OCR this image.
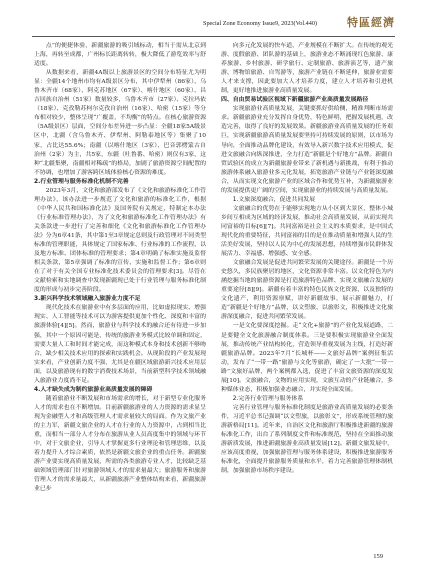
Special Zone Economy Issue9, 2023(Vol.440)	特區經濟

点”的便捷体验，新疆旅游的吸引域标动，相当于需从北京到上海，再转至成都，广州标长距离转转，极大降低了游览效率与舒适度。

从数据来看，新疆4A级以上旅游景区的空间分布特征尤为明显：全疆14个地州市均有A级景区分布，其中伊犁州（86家）、乌鲁木齐市（68家）、阿克苏地区（67家）、喀什地区（60家）、昌吉回族自治州（51家）数量较多，乌鲁木齐市（27家）、克拉玛依（18家）、克孜勒苏柯尔克孜自治州（16家）、哈密（15家）等分布相对较少，整体呈现“广覆盖，不均衡”的特点。在核心旅游资源（5A级景区）层面，空间分布差异进一步凸显：全疆18家5A级景区中，北疆（含乌鲁木齐、伊犁州、阿勒泰地区等）集聚了10家，占比达55.6%；南疆（以喀什地区（3家）、巴音郭楞蒙古自治州（2家）为主，共5家，东疆（吐鲁番、哈密）则仅有3家，这种“北疆集聚，南疆相对稀疏”的格局，加剧了旅游资源空间配置的不协调，也增加了游客跨区域体验核心资源的难度。

2.行业管理与服务标准化机制不完善

2023年3月，文化和旅游部发布了《文化和旅游标准化工作管理办法》，该办法进一步规范了文化和旅游的标准化工作，根据《中华人民共和国标准化法》及国务院有关规定，特制定本办法《行业标准管理办法》，为了文化和旅游标准化工作管理办法》有关条款进一步进行了完善和细化《文化和旅游标准化工作管理办法》分为6章41条，其中第1至3章规定总则及行政管理对不同类型标准的管理职能，具体规定了国家标准、行业标准的工作流程、以及地方标准、团体标准的管理要求；第4章明确了标准实施及监督相关条款，第5章强调了标准的宣传、实施和监督工作；第6章则在了对于有关全国专业标准化技术委员会的管理要求[3]。尽管在文献检索和实地调查中发现新疆现已处于行业管理与服务标准化制度的形成与初步完善阶段。

3.新兴科学技术领域融入旅游业力度不足

现代化技术在旅游业中有多层面的应用，比如虚拟现实、增强现实、人工智能等技术可以为游客提供更加个性化、深度和丰富的旅游体验[4][5]。然而，旅游业与科学技术的融合还有待进一步加强，其中一个原因可能是，传统的旅游业务模式比较单调和固定，需要大量人工和时间才能完成，而这种模式本身和技术创新不够吻合，缺少相关技术应用的探索和实践机会。从现阶段的产业发展现实来看，产业创新力度不强，尤其是在疆区域旅游新兴技术应用层面，以及旅游现有的数字消费技术场景，当前新型科学技术领域融入旅游业力度尚不足。

4.人才缺失成为制约旅游业高质量发展的障碍

随着旅游业不断发展和市场需求的增长，对于新型专业化服务人才的需求也在不断增加。目前新疆旅游业的人力资源的需求显呈现为金融型人才和高级管理人才需求量较大的局面。作为文旅产业的主力军，新疆文旅企业的人才在行业的人力资源中，占到相当比重，而相当一部分人才分布在旅游从业人员高度集中的领域与环节中，对于文旅企业，引导人才掌握更多行业理论和管理思维，以及着力提升人才综合素质，依然是新疆文旅企业的重点任务。新疆旅游产业要实现高质量发展，所需的各类旅游专业人才，比较缺乏基础领域管理部门针对旅游领域人才的需求量最大；旅游服务和旅游管理人才的需求量最大，从新疆旅游产业整体结构来看，新疆旅游业已步

向多元化发展的快车道，产业规模在不断扩大。在传统的观光游、度假旅游、团队游的基础上，旅游业态不断涌现红色旅游、康养旅游、乡村旅游、研学旅行、定制旅游、旅游演艺等，遗产旅游、博物馆旅游、自驾游等，旅游产业链在不断延伸，旅游业需要人才来支撑，因此要加大人才培养力度，建立人才培养和引进机制，更好地推进旅游业高质量发展。

四、自由贸易试验区视域下新疆旅游产业高质量发展路径

实现旅游业高质量发展，关键要抓好供给侧，精准判断市场需求。新疆旅游业充分发挥自身优势，特色鲜明，把握发展机遇，改造完善，取得了良好的发展效果。新疆旅游业高质量发展的任务艰巨，实现新疆旅游高质量发展要坚持可持续发展的原则，以市场为导向，全面推动品牌化建设，有效导入新兴数字技术应用模式，促进文旅融合向纵深推进，全力打造“新疆是个好地方”品牌。新疆自贸试验区的成立为新疆旅游业带来了新机遇与新挑战，有利于推动旅游体系融入旅游业多元化发展，拓宽旅游产业链与产业链深度融合，从而实现文化旅游产业的区域合作和优势互补，为新疆旅游业的发展提供更广阔的空间，实现旅游业的持续发展与高质量发展。

1.文旅深度融合，促进共同发展

文旅融合的优势在于能够实现地方从小区到大景区，整体小城乡间互相成为区域的经济发展，推动社会高质量发展，从而实现共同富裕的目标[6][7]。共同富裕是社会主义的本质要求，是中国式现代化的重要特征，共同富裕的目的是在推动质量和增强人民的生活美好发展，坚持以人民为中心的发展思想，持续增强市民群体发展活力、幸福感、增强感、安全感。

文旅融合发展是促进共同繁荣发展的关键途径。新疆是一个历史悠久，多民族聚居的地区，文化资源非常丰富。以文化特色为内涵挖掘当地的旅游资源是打造旅游特色品牌、实现文旅融合发展的重要途径[8][9]。新疆有着丰富的特色民族文化资源，以及独特的文化遗产，利用资源禀赋，讲好新疆故事，展示新疆魅力，打造“新疆是个好地方”品牌，以文塑旅、以旅彰文，积极推进文化旅游深度融合，促进共同繁荣发展。

一是文化要深度挖掘。走“文化+旅游”的产业化发展道路，二是要健全文化旅游融合制度体系。三是要积极实现旅游业全面发展，推动传统产业结构转化，营造领导重视发展为主线，打造好新疆旅游品牌。2023年7月“长城杯——文旅好品牌”案例征集活动，发布了“一带一路”旅游与文化等旅游，确定了一大批“一带一路”文旅好品牌，两个案例都入选，促进了丰富文旅资源的深度发展[10]。文旅融合，文物的应用实现，文旅互动的产业链融合，多种媒体业态，积极加强业态融合，并实现全面发展。

2.完善行业管理与服务体系

完善行业管理与服务标准化制度是旅游业高质量发展的必要条件，习近平总书记强调“以文塑旅，以旅彰文”，形成系统管理的旅游新格局[11]。近年来，自治区文化和旅游厅积极推进新疆的旅游标准化工作，出台了系列制度文件和标准规范，坚持在全面推动旅游新质发展，推进新疆旅游业高质量发展[12]。新疆文旅发展中，应该高度重视，加强旅游管理与服务体系建设，积极推进旅游服务标准化，全面提升旅游服务质量和水平，着力完善旅游管理体制机制，加强旅游市场秩序建设。

159
